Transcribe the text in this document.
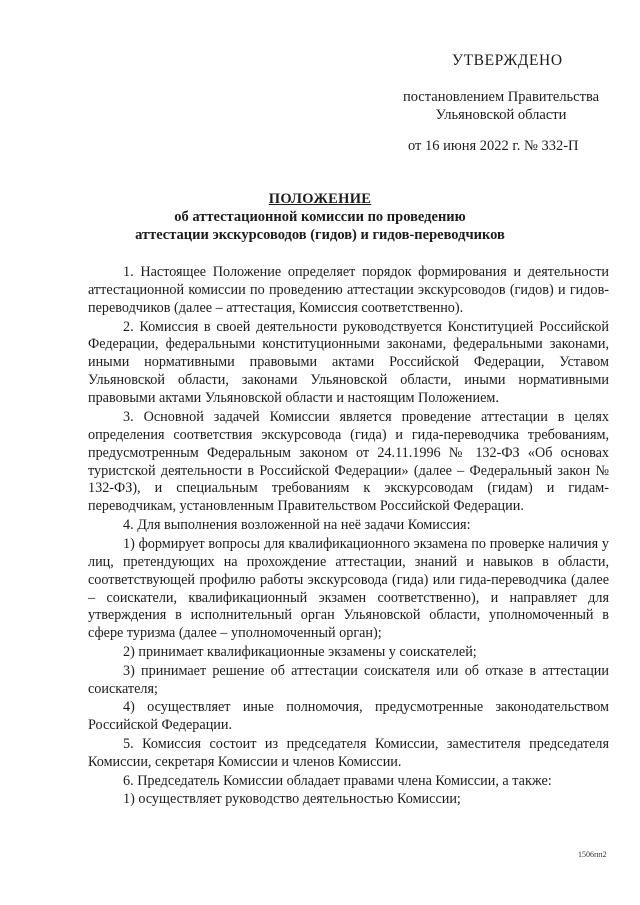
УТВЕРЖДЕНО
постановлением Правительства
Ульяновской области
от 16 июня 2022 г. № 332-П
ПОЛОЖЕНИЕ
об аттестационной комиссии по проведению
аттестации экскурсоводов (гидов) и гидов-переводчиков

1. Настоящее Положение определяет порядок формирования и деятельности аттестационной комиссии по проведению аттестации экскурсоводов (гидов) и гидов-переводчиков (далее – аттестация, Комиссия соответственно).

2. Комиссия в своей деятельности руководствуется Конституцией Российской Федерации, федеральными конституционными законами, федеральными законами, иными нормативными правовыми актами Российской Федерации, Уставом Ульяновской области, законами Ульяновской области, иными нормативными правовыми актами Ульяновской области и настоящим Положением.

3. Основной задачей Комиссии является проведение аттестации в целях определения соответствия экскурсовода (гида) и гида-переводчика требованиям, предусмотренным Федеральным законом от 24.11.1996 № 132-ФЗ «Об основах туристской деятельности в Российской Федерации» (далее – Федеральный закон № 132-ФЗ), и специальным требованиям к экскурсоводам (гидам) и гидам-переводчикам, установленным Правительством Российской Федерации.

4. Для выполнения возложенной на неё задачи Комиссия:

1) формирует вопросы для квалификационного экзамена по проверке наличия у лиц, претендующих на прохождение аттестации, знаний и навыков в области, соответствующей профилю работы экскурсовода (гида) или гида-переводчика (далее – соискатели, квалификационный экзамен соответственно), и направляет для утверждения в исполнительный орган Ульяновской области, уполномоченный в сфере туризма (далее – уполномоченный орган);

2) принимает квалификационные экзамены у соискателей;

3) принимает решение об аттестации соискателя или об отказе в аттестации соискателя;

4) осуществляет иные полномочия, предусмотренные законодательством Российской Федерации.

5. Комиссия состоит из председателя Комиссии, заместителя председателя Комиссии, секретаря Комиссии и членов Комиссии.

6. Председатель Комиссии обладает правами члена Комиссии, а также:

1) осуществляет руководство деятельностью Комиссии;

1506пп2
